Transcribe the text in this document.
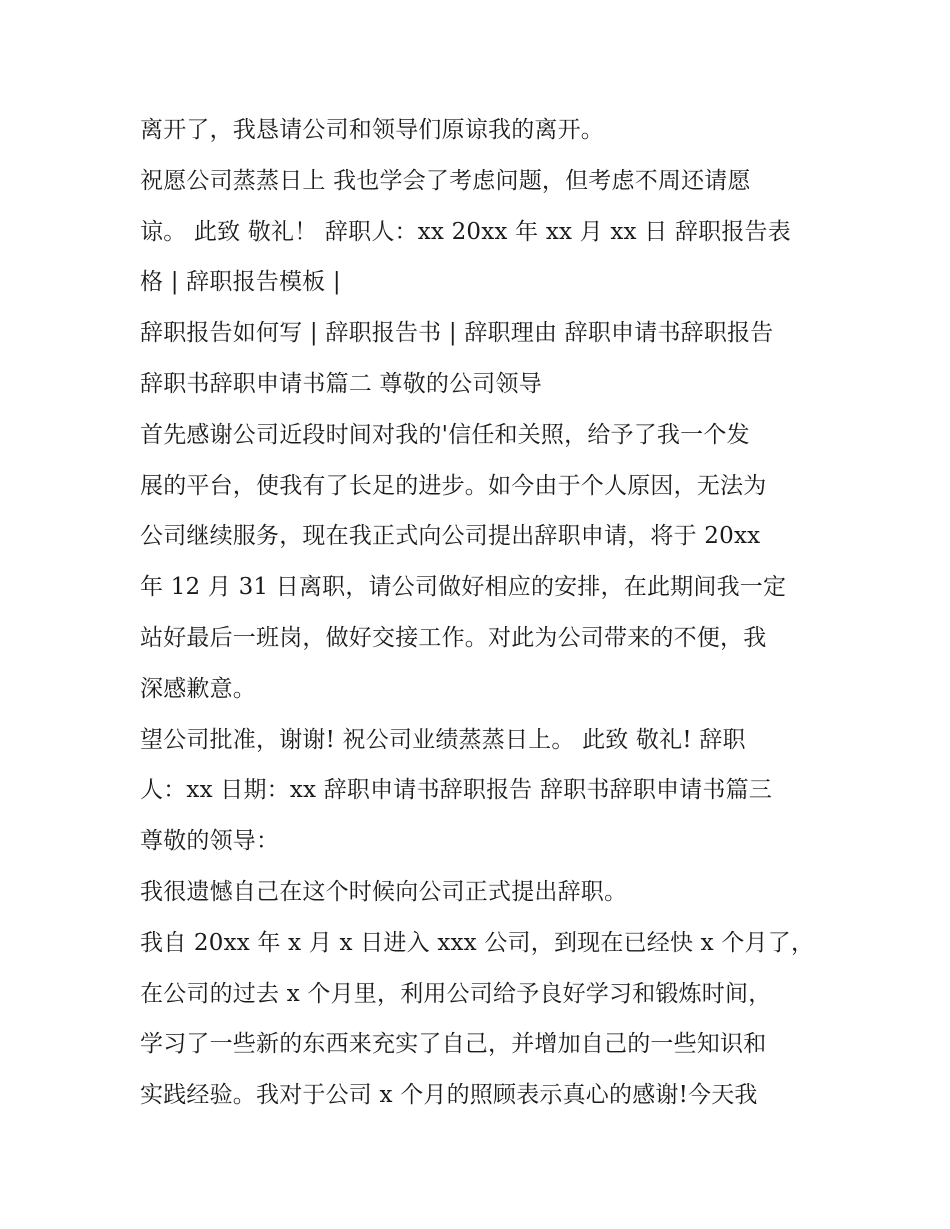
离开了，我恳请公司和领导们原谅我的离开。
祝愿公司蒸蒸日上 我也学会了考虑问题，但考虑不周还请愿
谅。 此致 敬礼！ 辞职人：xx 20xx 年 xx 月 xx 日 辞职报告表
格 | 辞职报告模板 |
辞职报告如何写 | 辞职报告书 | 辞职理由 辞职申请书辞职报告
辞职书辞职申请书篇二 尊敬的公司领导
首先感谢公司近段时间对我的'信任和关照，给予了我一个发
展的平台，使我有了长足的进步。如今由于个人原因，无法为
公司继续服务，现在我正式向公司提出辞职申请，将于 20xx
年 12 月 31 日离职，请公司做好相应的安排，在此期间我一定
站好最后一班岗，做好交接工作。对此为公司带来的不便，我
深感歉意。
望公司批准，谢谢! 祝公司业绩蒸蒸日上。 此致 敬礼! 辞职
人：xx 日期：xx 辞职申请书辞职报告 辞职书辞职申请书篇三
尊敬的领导：
我很遗憾自己在这个时候向公司正式提出辞职。
我自 20xx 年 x 月 x 日进入 xxx 公司，到现在已经快 x 个月了，
在公司的过去 x 个月里，利用公司给予良好学习和锻炼时间，
学习了一些新的东西来充实了自己，并增加自己的一些知识和
实践经验。我对于公司 x 个月的照顾表示真心的感谢!今天我
